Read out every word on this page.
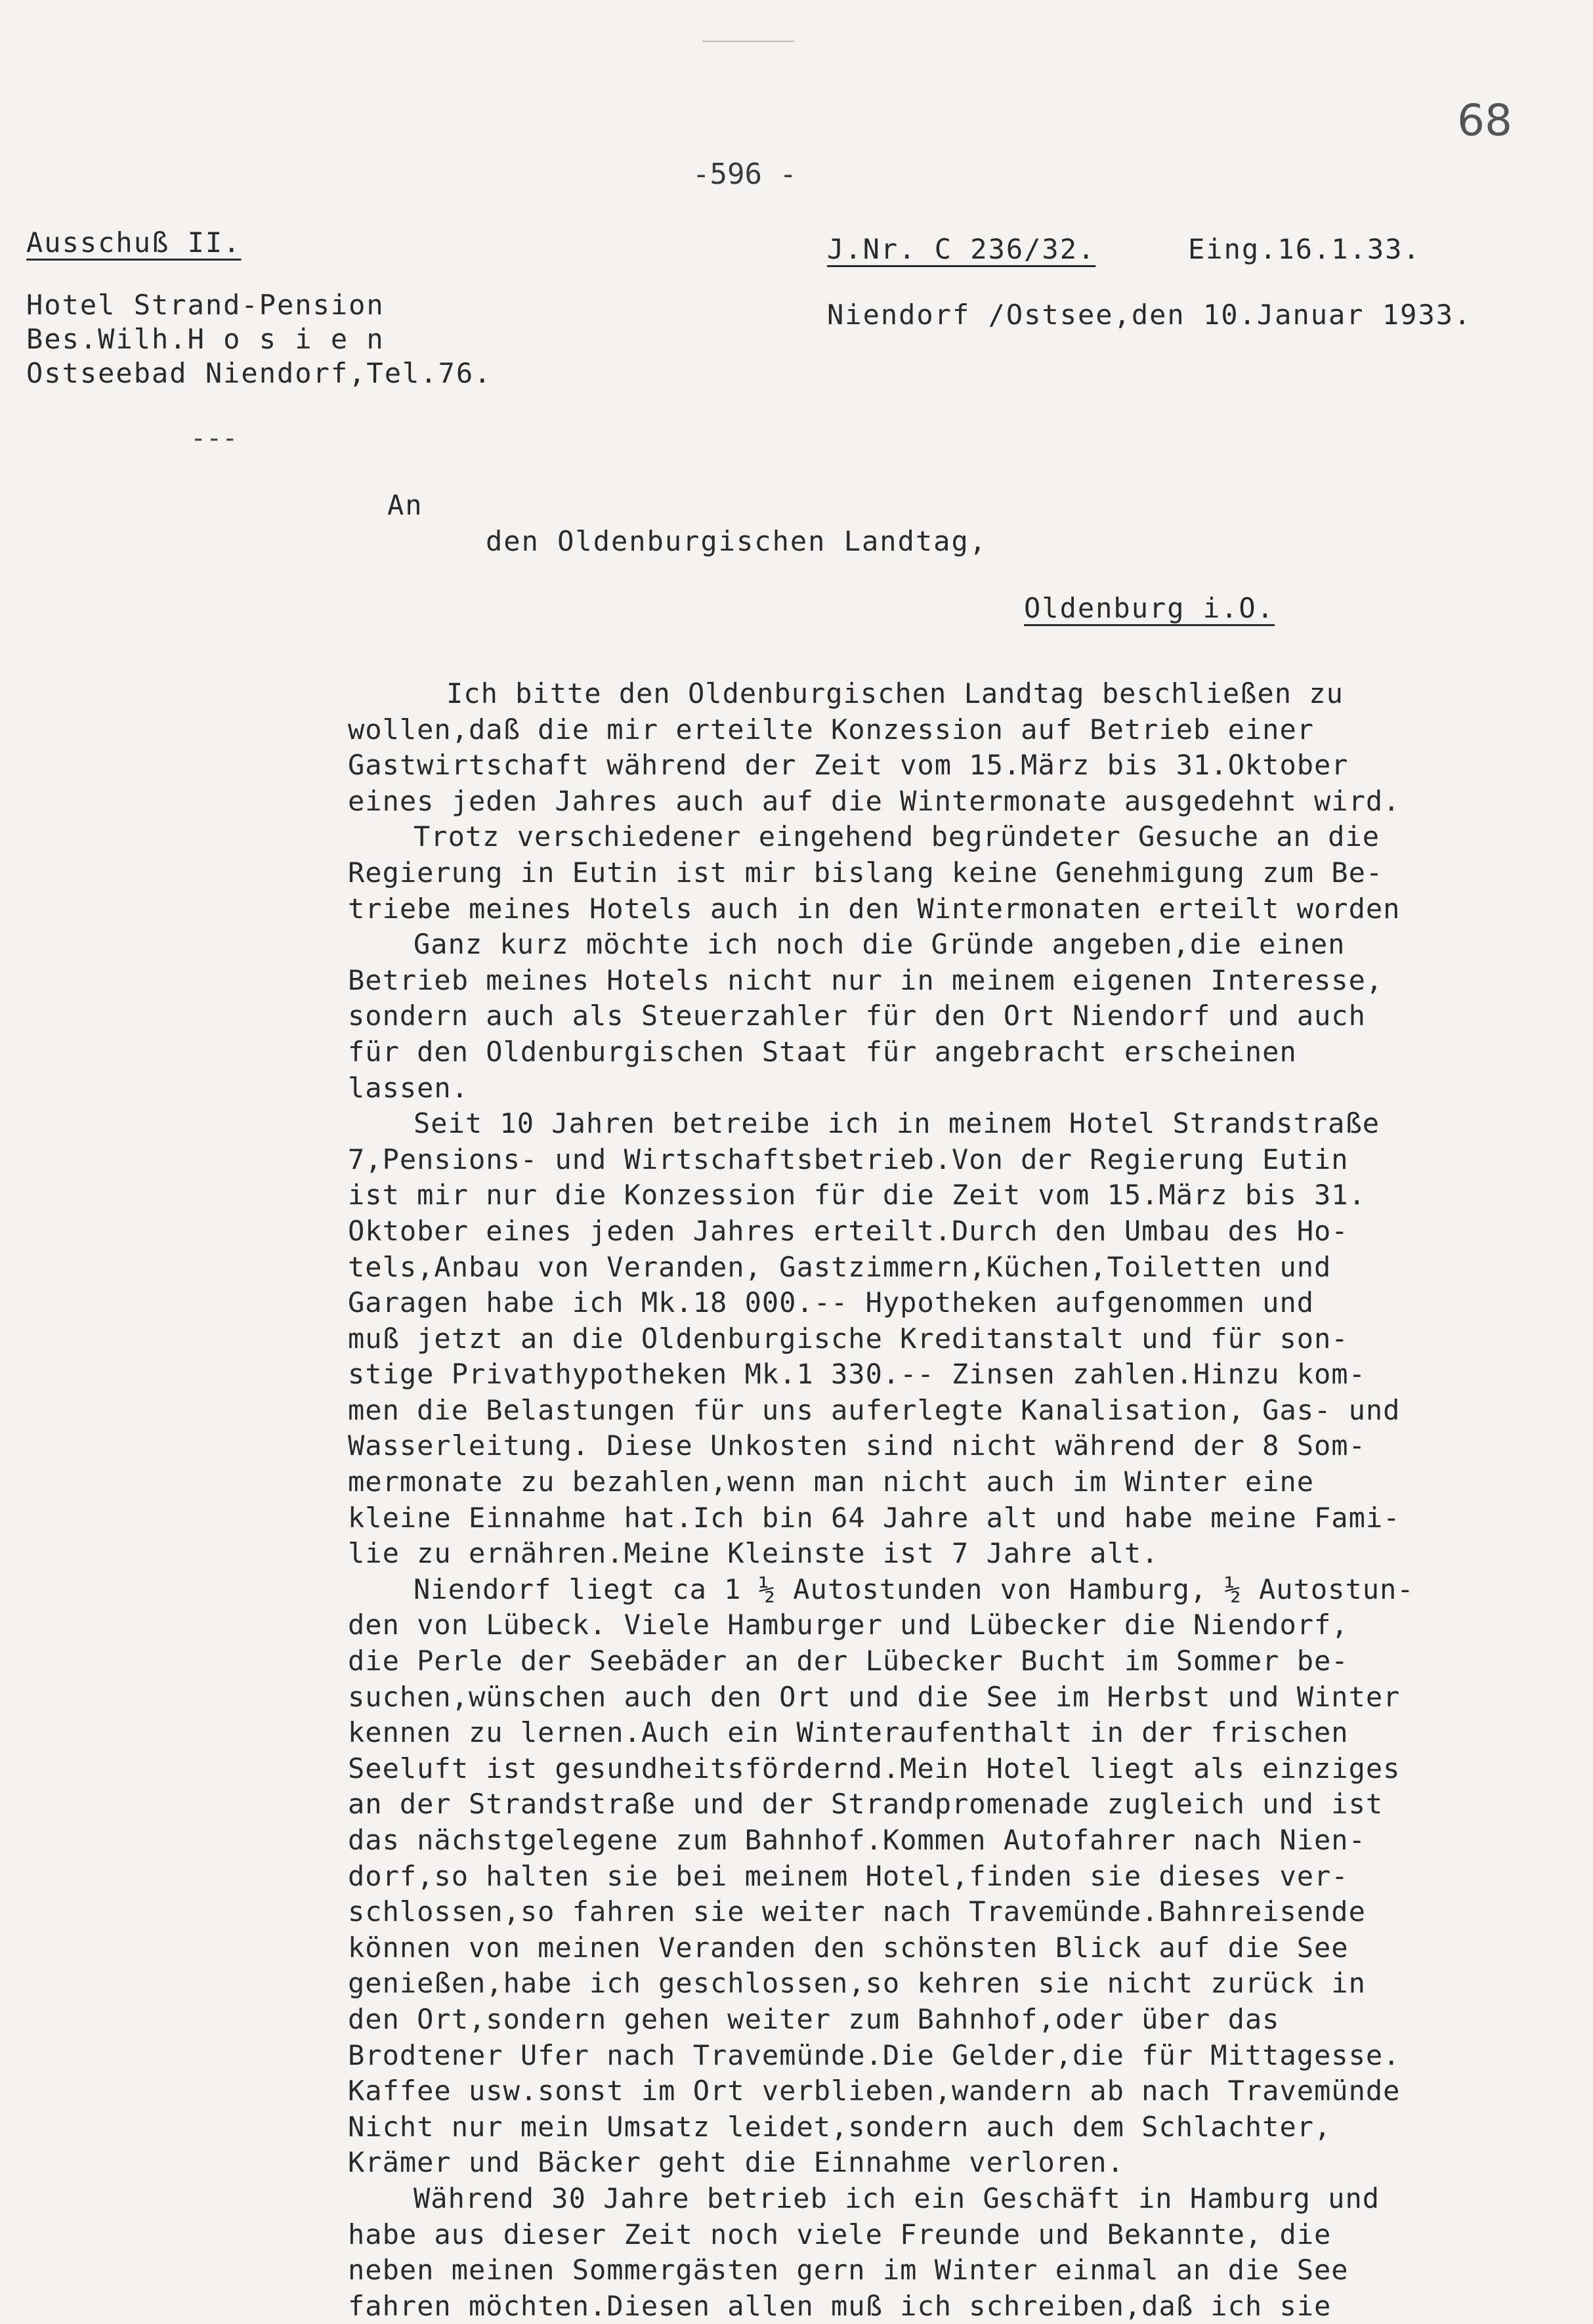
68
-596 -
Ausschuß II.	J.Nr. C 236/32.	Eing.16.1.33.
Hotel Strand-Pension
Bes.Wilh.H o s i e n
Ostseebad Niendorf,Tel.76.
Niendorf /Ostsee,den 10.Januar 1933.
---
An
den Oldenburgischen Landtag,
Oldenburg i.O.

Ich bitte den Oldenburgischen Landtag beschließen zu

wollen,daß die mir erteilte Konzession auf Betrieb einer

Gastwirtschaft während der Zeit vom 15.März bis 31.Oktober

eines jeden Jahres auch auf die Wintermonate ausgedehnt wird.

Trotz verschiedener eingehend begründeter Gesuche an die

Regierung in Eutin ist mir bislang keine Genehmigung zum Be-

triebe meines Hotels auch in den Wintermonaten erteilt worden

Ganz kurz möchte ich noch die Gründe angeben,die einen

Betrieb meines Hotels nicht nur in meinem eigenen Interesse,

sondern auch als Steuerzahler für den Ort Niendorf und auch

für den Oldenburgischen Staat für angebracht erscheinen

lassen.

Seit 10 Jahren betreibe ich in meinem Hotel Strandstraße

7,Pensions- und Wirtschaftsbetrieb.Von der Regierung Eutin

ist mir nur die Konzession für die Zeit vom 15.März bis 31.

Oktober eines jeden Jahres erteilt.Durch den Umbau des Ho-

tels,Anbau von Veranden, Gastzimmern,Küchen,Toiletten und

Garagen habe ich Mk.18 000.-- Hypotheken aufgenommen und

muß jetzt an die Oldenburgische Kreditanstalt und für son-

stige Privathypotheken Mk.1 330.-- Zinsen zahlen.Hinzu kom-

men die Belastungen für uns auferlegte Kanalisation, Gas- und

Wasserleitung. Diese Unkosten sind nicht während der 8 Som-

mermonate zu bezahlen,wenn man nicht auch im Winter eine

kleine Einnahme hat.Ich bin 64 Jahre alt und habe meine Fami-

lie zu ernähren.Meine Kleinste ist 7 Jahre alt.

Niendorf liegt ca 1 ½ Autostunden von Hamburg, ½ Autostun-

den von Lübeck. Viele Hamburger und Lübecker die Niendorf,

die Perle der Seebäder an der Lübecker Bucht im Sommer be-

suchen,wünschen auch den Ort und die See im Herbst und Winter

kennen zu lernen.Auch ein Winteraufenthalt in der frischen

Seeluft ist gesundheitsfördernd.Mein Hotel liegt als einziges

an der Strandstraße und der Strandpromenade zugleich und ist

das nächstgelegene zum Bahnhof.Kommen Autofahrer nach Nien-

dorf,so halten sie bei meinem Hotel,finden sie dieses ver-

schlossen,so fahren sie weiter nach Travemünde.Bahnreisende

können von meinen Veranden den schönsten Blick auf die See

genießen,habe ich geschlossen,so kehren sie nicht zurück in

den Ort,sondern gehen weiter zum Bahnhof,oder über das

Brodtener Ufer nach Travemünde.Die Gelder,die für Mittagesse.

Kaffee usw.sonst im Ort verblieben,wandern ab nach Travemünde

Nicht nur mein Umsatz leidet,sondern auch dem Schlachter,

Krämer und Bäcker geht die Einnahme verloren.

Während 30 Jahre betrieb ich ein Geschäft in Hamburg und

habe aus dieser Zeit noch viele Freunde und Bekannte, die

neben meinen Sommergästen gern im Winter einmal an die See

fahren möchten.Diesen allen muß ich schreiben,daß ich sie
